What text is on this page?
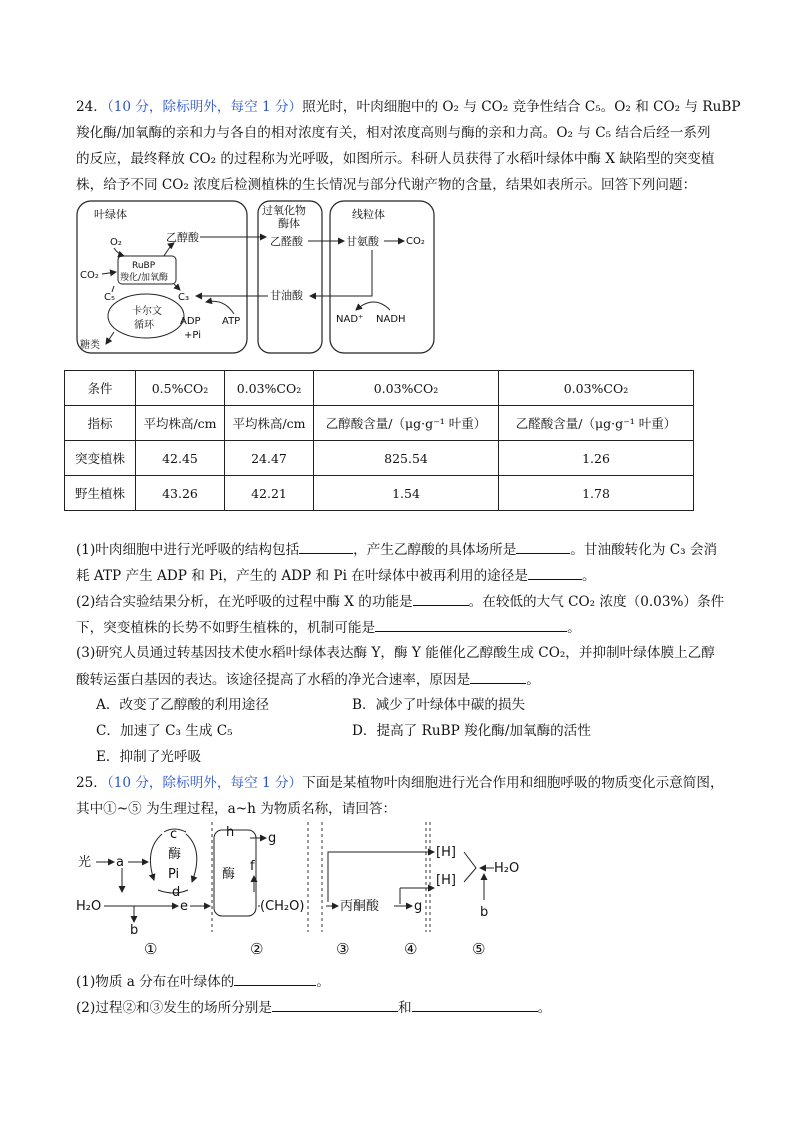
24．（10 分，除标明外，每空 1 分）照光时，叶肉细胞中的 O₂ 与 CO₂ 竞争性结合 C₅。O₂ 和 CO₂ 与 RuBP
羧化酶/加氧酶的亲和力与各自的相对浓度有关，相对浓度高则与酶的亲和力高。O₂ 与 C₅ 结合后经一系列
的反应，最终释放 CO₂ 的过程称为光呼吸，如图所示。科研人员获得了水稻叶绿体中酶 X 缺陷型的突变植
株，给予不同 CO₂ 浓度后检测植株的生长情况与部分代谢产物的含量，结果如表所示。回答下列问题：
叶绿体	过氧化物
酶体
线粒体
O₂	乙醇酸
CO₂
RuBP
羧化/加氧酶
C₅	C₃
卡尔文
循环	ADP
+Pi
ATP
糖类
乙醛酸
甘油酸
甘氨酸	CO₂
NAD⁺ NADH
条件	0.5%CO₂	0.03%CO₂	0.03%CO₂	0.03%CO₂
指标	平均株高/cm	平均株高/cm	乙醇酸含量/（μg·g⁻¹ 叶重）	乙醛酸含量/（μg·g⁻¹ 叶重）
突变植株	42.45	24.47	825.54	1.26
野生植株	43.26	42.21	1.54	1.78
(1)叶肉细胞中进行光呼吸的结构包括	，产生乙醇酸的具体场所是	。甘油酸转化为 C₃ 会消
耗 ATP 产生 ADP 和 Pi，产生的 ADP 和 Pi 在叶绿体中被再利用的途径是	。
(2)结合实验结果分析，在光呼吸的过程中酶 X 的功能是	。在较低的大气 CO₂ 浓度（0.03%）条件
下，突变植株的长势不如野生植株的，机制可能是	。
(3)研究人员通过转基因技术使水稻叶绿体表达酶 Y，酶 Y 能催化乙醇酸生成 CO₂，并抑制叶绿体膜上乙醇
酸转运蛋白基因的表达。该途径提高了水稻的净光合速率，原因是	。
A．改变了乙醇酸的利用途径	B．减少了叶绿体中碳的损失
C．加速了 C₃ 生成 C₅	D．提高了 RuBP 羧化酶/加氧酶的活性
E．抑制了光呼吸
25．（10 分，除标明外，每空 1 分）下面是某植物叶肉细胞进行光合作用和细胞呼吸的物质变化示意简图，
其中①~⑤ 为生理过程，a~h 为物质名称，请回答：
光 a
H₂O
b
e
c
酶
Pi
d
酶
h	g
f
(CH₂O)	丙酮酸	g
[H]
[H]
H₂O
b
①	②	③	④	⑤
(1)物质 a 分布在叶绿体的	。
(2)过程②和③发生的场所分别是	和	。
